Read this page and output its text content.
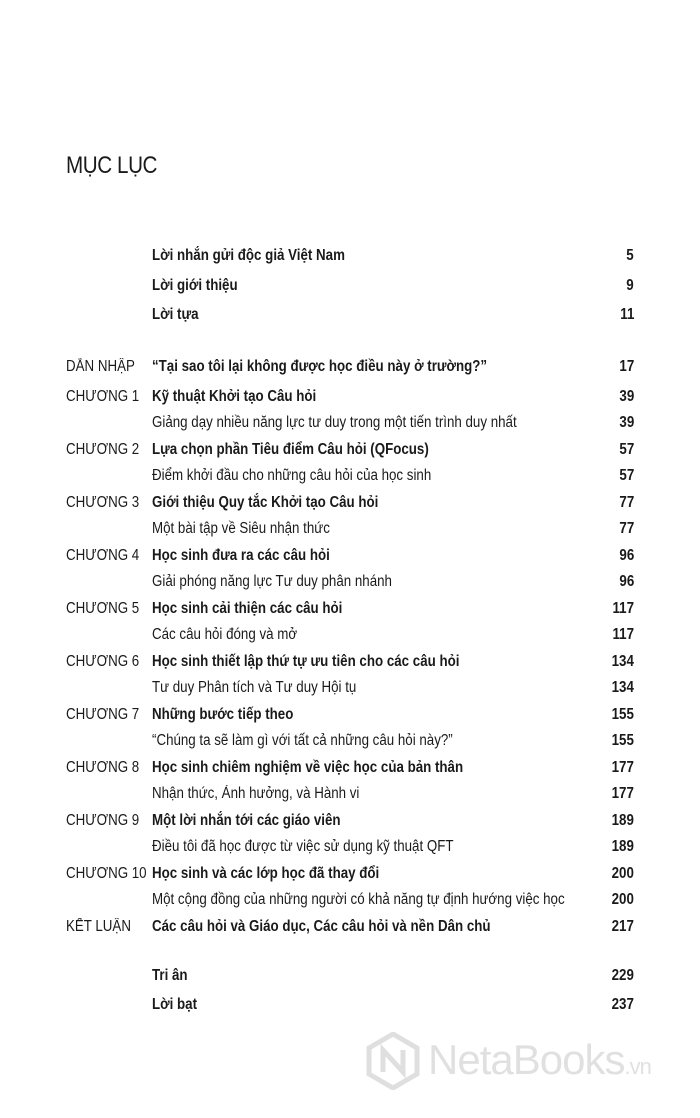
MỤC LỤC
Lời nhắn gửi độc giả Việt Nam	5
Lời giới thiệu	9
Lời tựa	11
DẪN NHẬP “Tại sao tôi lại không được học điều này ở trường?”	17
CHƯƠNG 1 Kỹ thuật Khởi tạo Câu hỏi	39
Giảng dạy nhiều năng lực tư duy trong một tiến trình duy nhất	39
CHƯƠNG 2 Lựa chọn phần Tiêu điểm Câu hỏi (QFocus)	57
Điểm khởi đầu cho những câu hỏi của học sinh	57
CHƯƠNG 3 Giới thiệu Quy tắc Khởi tạo Câu hỏi	77
Một bài tập về Siêu nhận thức	77
CHƯƠNG 4 Học sinh đưa ra các câu hỏi	96
Giải phóng năng lực Tư duy phân nhánh	96
CHƯƠNG 5 Học sinh cải thiện các câu hỏi	117
Các câu hỏi đóng và mở	117
CHƯƠNG 6 Học sinh thiết lập thứ tự ưu tiên cho các câu hỏi	134
Tư duy Phân tích và Tư duy Hội tụ	134
CHƯƠNG 7 Những bước tiếp theo	155
“Chúng ta sẽ làm gì với tất cả những câu hỏi này?”	155
CHƯƠNG 8 Học sinh chiêm nghiệm về việc học của bản thân	177
Nhận thức, Ảnh hưởng, và Hành vi	177
CHƯƠNG 9 Một lời nhắn tới các giáo viên	189
Điều tôi đã học được từ việc sử dụng kỹ thuật QFT	189
CHƯƠNG 10 Học sinh và các lớp học đã thay đổi	200
Một cộng đồng của những người có khả năng tự định hướng việc học	200
KẾT LUẬN Các câu hỏi và Giáo dục, Các câu hỏi và nền Dân chủ	217
Tri ân	229
Lời bạt	237
NetaBooks.vn
